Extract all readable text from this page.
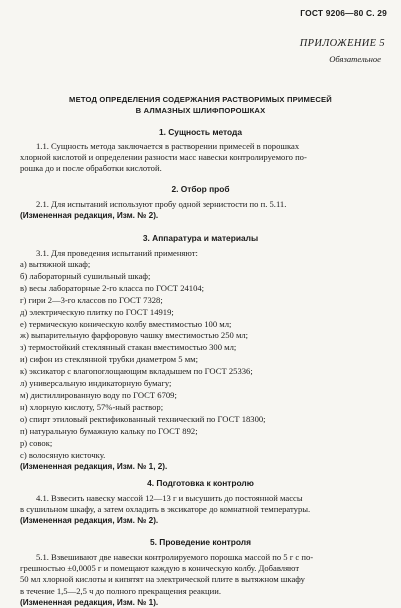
ГОСТ 9206—80 С. 29
ПРИЛОЖЕНИЕ 5
Обязательное
МЕТОД ОПРЕДЕЛЕНИЯ СОДЕРЖАНИЯ РАСТВОРИМЫХ ПРИМЕСЕЙ
В АЛМАЗНЫХ ШЛИФПОРОШКАХ
1. Сущность метода
1.1. Сущность метода заключается в растворении примесей в порошках
хлорной кислотой и определении разности масс навески контролируемого по-
рошка до и после обработки кислотой.
2. Отбор проб
2.1. Для испытаний используют пробу одной зернистости по п. 5.11.
(Измененная редакция, Изм. № 2).
3. Аппаратура и материалы
3.1. Для проведения испытаний применяют:
а) вытяжной шкаф;
б) лабораторный сушильный шкаф;
в) весы лабораторные 2-го класса по ГОСТ 24104;
г) гири 2—3-го классов по ГОСТ 7328;
д) электрическую плитку по ГОСТ 14919;
е) термическую коническую колбу вместимостью 100 мл;
ж) выпарительную фарфоровую чашку вместимостью 250 мл;
з) термостойкий стеклянный стакан вместимостью 300 мл;
и) сифон из стеклянной трубки диаметром 5 мм;
к) эксикатор с влагопоглощающим вкладышем по ГОСТ 25336;
л) универсальную индикаторную бумагу;
м) дистиллированную воду по ГОСТ 6709;
н) хлорную кислоту, 57%-ный раствор;
о) спирт этиловый ректификованный технический по ГОСТ 18300;
п) натуральную бумажную кальку по ГОСТ 892;
р) совок;
с) волосяную кисточку.
(Измененная редакция, Изм. № 1, 2).
4. Подготовка к контролю
4.1. Взвесить навеску массой 12—13 г и высушить до постоянной массы
в сушильном шкафу, а затем охладить в эксикаторе до комнатной температуры.
(Измененная редакция, Изм. № 2).
5. Проведение контроля
5.1. Взвешивают две навески контролируемого порошка массой по 5 г с по-
грешностью ±0,0005 г и помещают каждую в коническую колбу. Добавляют
50 мл хлорной кислоты и кипятят на электрической плите в вытяжном шкафу
в течение 1,5—2,5 ч до полного прекращения реакции.
(Измененная редакция, Изм. № 1).
